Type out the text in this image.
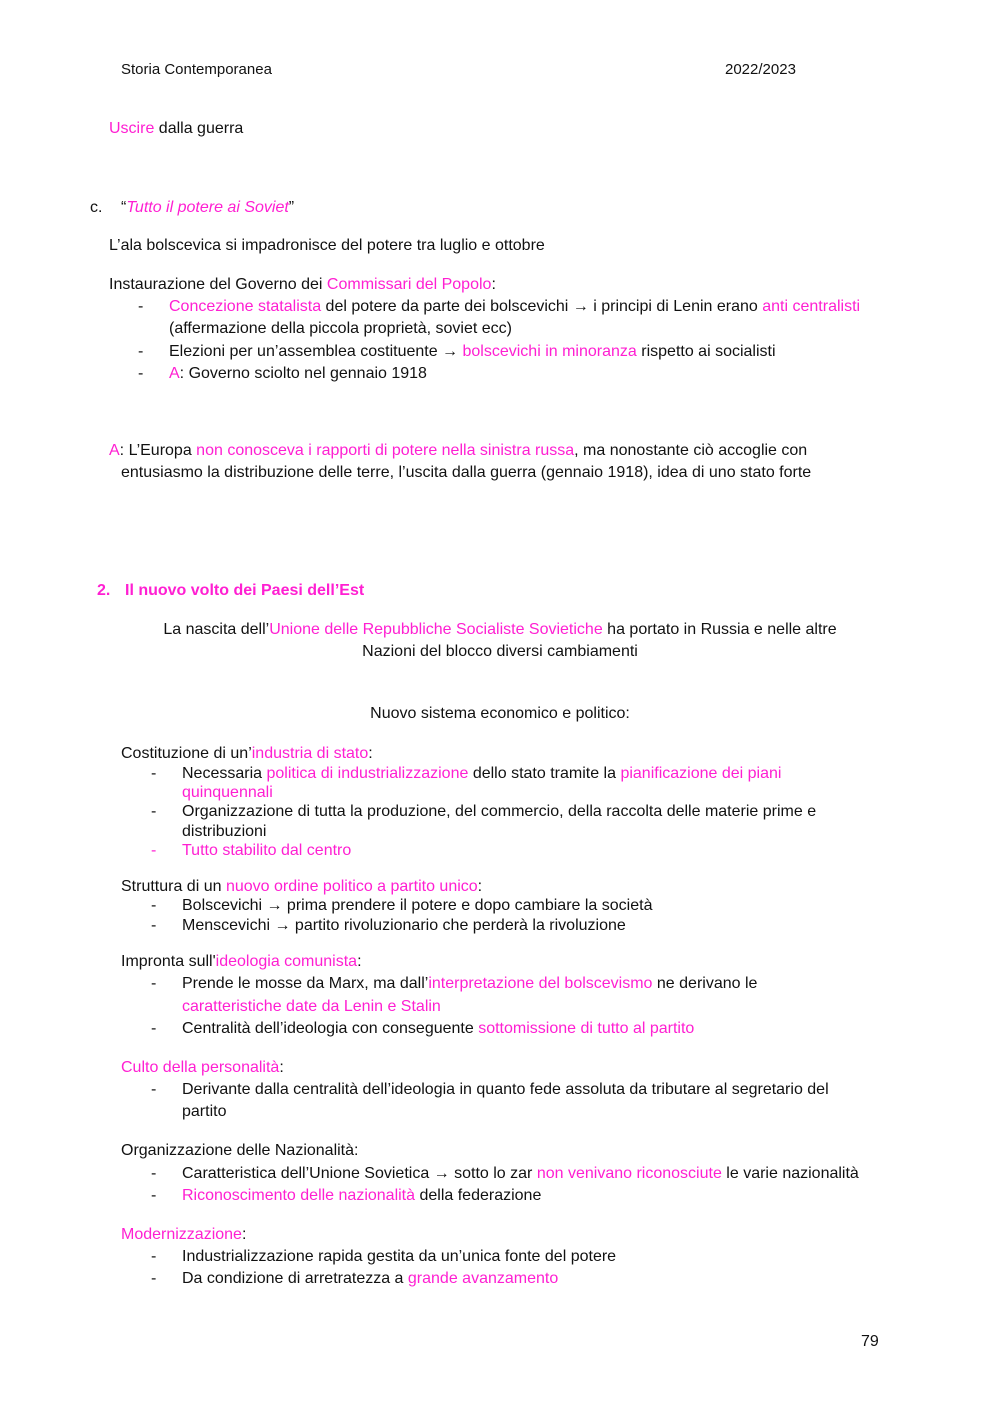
Storia Contemporanea	2022/2023
Uscire dalla guerra
c. “Tutto il potere ai Soviet”
L’ala bolscevica si impadronisce del potere tra luglio e ottobre
Instaurazione del Governo dei Commissari del Popolo:
- Concezione statalista del potere da parte dei bolscevichi → i principi di Lenin erano anti centralisti
(affermazione della piccola proprietà, soviet ecc)
- Elezioni per un’assemblea costituente → bolscevichi in minoranza rispetto ai socialisti
- A: Governo sciolto nel gennaio 1918
A: L’Europa non conosceva i rapporti di potere nella sinistra russa, ma nonostante ciò accoglie con
entusiasmo la distribuzione delle terre, l’uscita dalla guerra (gennaio 1918), idea di uno stato forte
2. Il nuovo volto dei Paesi dell’Est
La nascita dell’Unione delle Repubbliche Socialiste Sovietiche ha portato in Russia e nelle altre
Nazioni del blocco diversi cambiamenti
Nuovo sistema economico e politico:
Costituzione di un’industria di stato:
- Necessaria politica di industrializzazione dello stato tramite la pianificazione dei piani
quinquennali
- Organizzazione di tutta la produzione, del commercio, della raccolta delle materie prime e
distribuzioni
- Tutto stabilito dal centro
Struttura di un nuovo ordine politico a partito unico:
- Bolscevichi → prima prendere il potere e dopo cambiare la società
- Menscevichi → partito rivoluzionario che perderà la rivoluzione
Impronta sull'ideologia comunista:
- Prende le mosse da Marx, ma dall’interpretazione del bolscevismo ne derivano le
caratteristiche date da Lenin e Stalin
- Centralità dell’ideologia con conseguente sottomissione di tutto al partito
Culto della personalità:
- Derivante dalla centralità dell’ideologia in quanto fede assoluta da tributare al segretario del
partito
Organizzazione delle Nazionalità:
- Caratteristica dell’Unione Sovietica → sotto lo zar non venivano riconosciute le varie nazionalità
- Riconoscimento delle nazionalità della federazione
Modernizzazione:
- Industrializzazione rapida gestita da un’unica fonte del potere
- Da condizione di arretratezza a grande avanzamento
79
